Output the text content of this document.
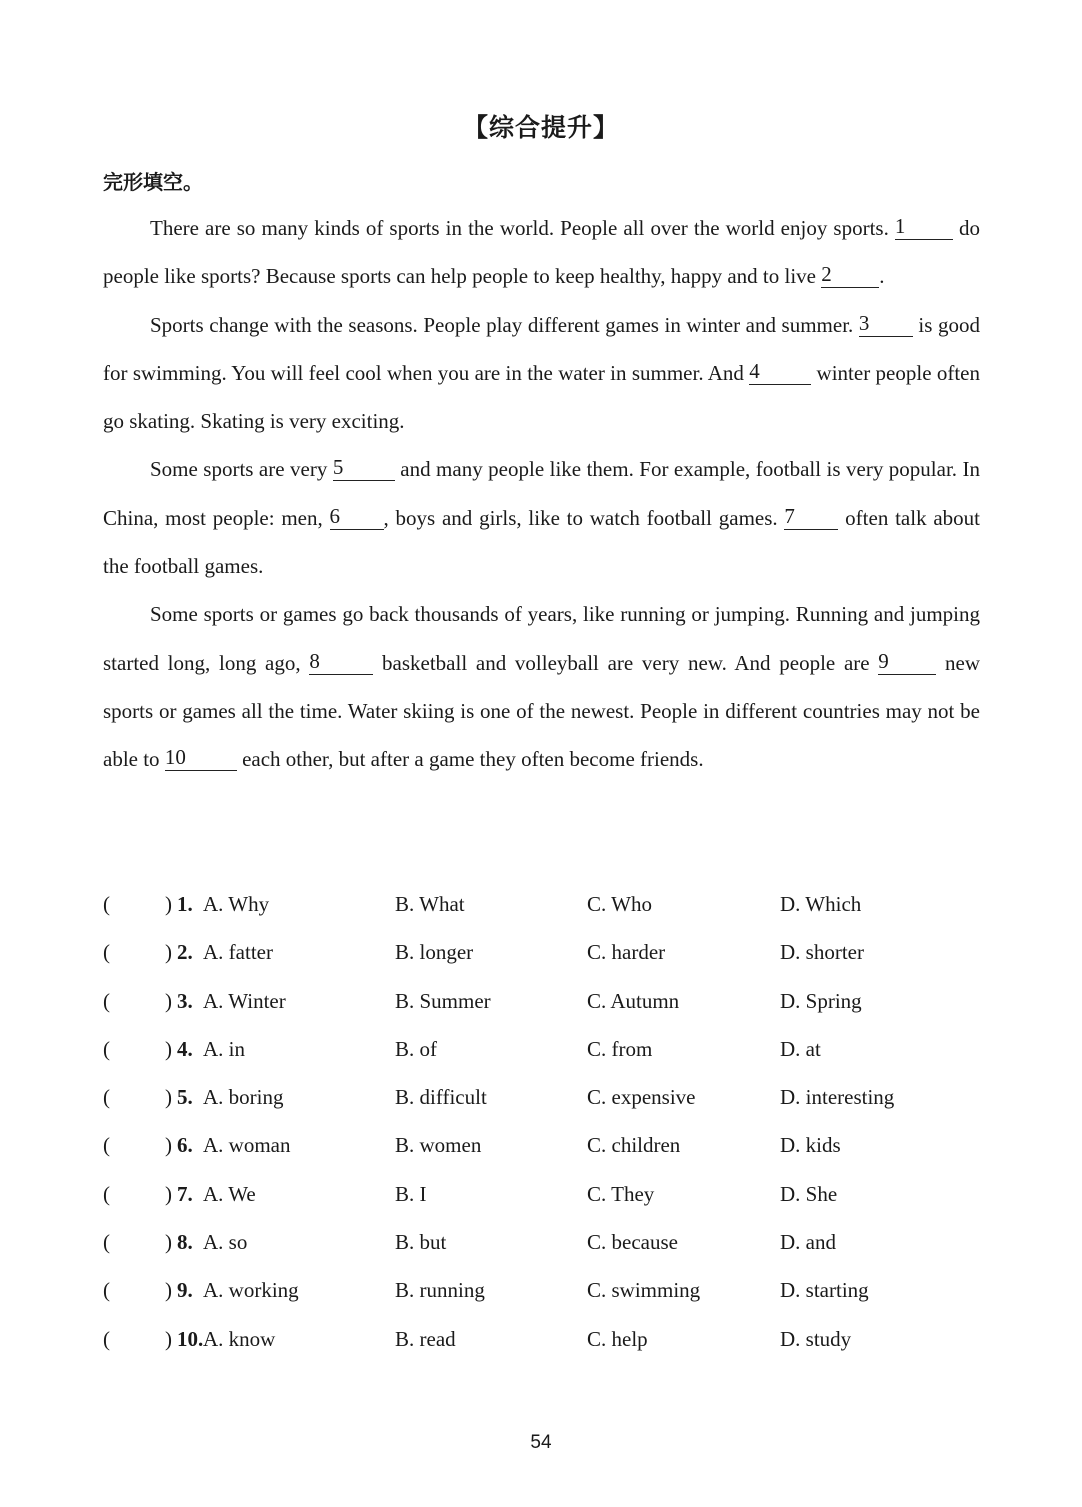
【综合提升】
完形填空。

There are so many kinds of sports in the world. People all over the world enjoy sports. 1 do people like sports? Because sports can help people to keep healthy, happy and to live 2 .

Sports change with the seasons. People play different games in winter and summer. 3 is good for swimming. You will feel cool when you are in the water in summer. And 4 winter people often go skating. Skating is very exciting.

Some sports are very 5 and many people like them. For example, football is very popular. In China, most people: men, 6 , boys and girls, like to watch football games. 7 often talk about the football games.

Some sports or games go back thousands of years, like running or jumping. Running and jumping started long, long ago, 8	basketball and volleyball are very new. And people are 9 new sports or games all the time. Water skiing is one of the newest. People in different countries may not be able to 10 each other, but after a game they often become friends.

(	) 1. A. Why	B. What	C. Who	D. Which
(	) 2. A. fatter	B. longer	C. harder	D. shorter
(	) 3. A. Winter	B. Summer	C. Autumn	D. Spring
(	) 4. A. in	B. of	C. from	D. at
(	) 5. A. boring	B. difficult	C. expensive	D. interesting
(	) 6. A. woman	B. women	C. children	D. kids
(	) 7. A. We	B. I	C. They	D. She
(	) 8. A. so	B. but	C. because	D. and
(	) 9. A. working	B. running	C. swimming	D. starting
(	) 10. A. know	B. read	C. help	D. study
54
